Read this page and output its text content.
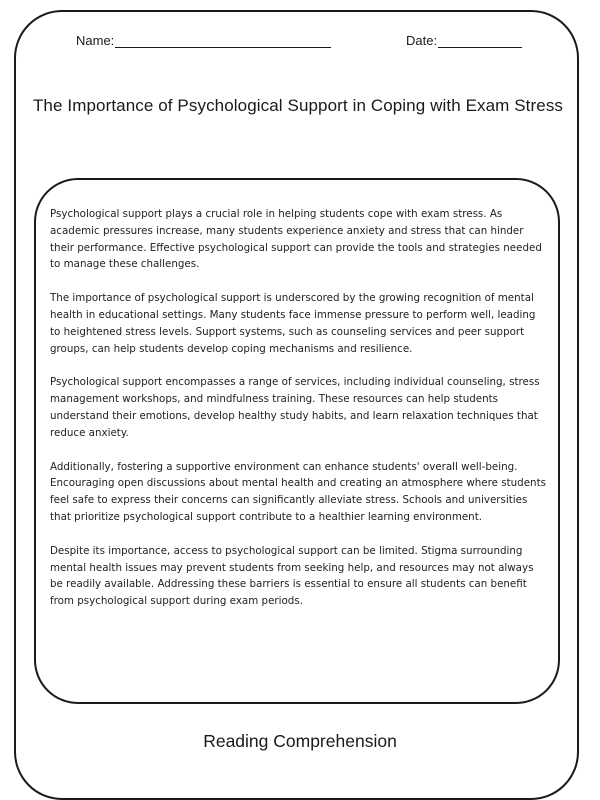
Name:	Date:
The Importance of Psychological Support in Coping with Exam Stress

Psychological support plays a crucial role in helping students cope with exam stress. As academic pressures increase, many students experience anxiety and stress that can hinder their performance. Effective psychological support can provide the tools and strategies needed to manage these challenges.

The importance of psychological support is underscored by the growing recognition of mental health in educational settings. Many students face immense pressure to perform well, leading to heightened stress levels. Support systems, such as counseling services and peer support groups, can help students develop coping mechanisms and resilience.

Psychological support encompasses a range of services, including individual counseling, stress management workshops, and mindfulness training. These resources can help students understand their emotions, develop healthy study habits, and learn relaxation techniques that reduce anxiety.

Additionally, fostering a supportive environment can enhance students' overall well-being. Encouraging open discussions about mental health and creating an atmosphere where students feel safe to express their concerns can significantly alleviate stress. Schools and universities that prioritize psychological support contribute to a healthier learning environment.

Despite its importance, access to psychological support can be limited. Stigma surrounding mental health issues may prevent students from seeking help, and resources may not always be readily available. Addressing these barriers is essential to ensure all students can benefit from psychological support during exam periods.

Reading Comprehension
